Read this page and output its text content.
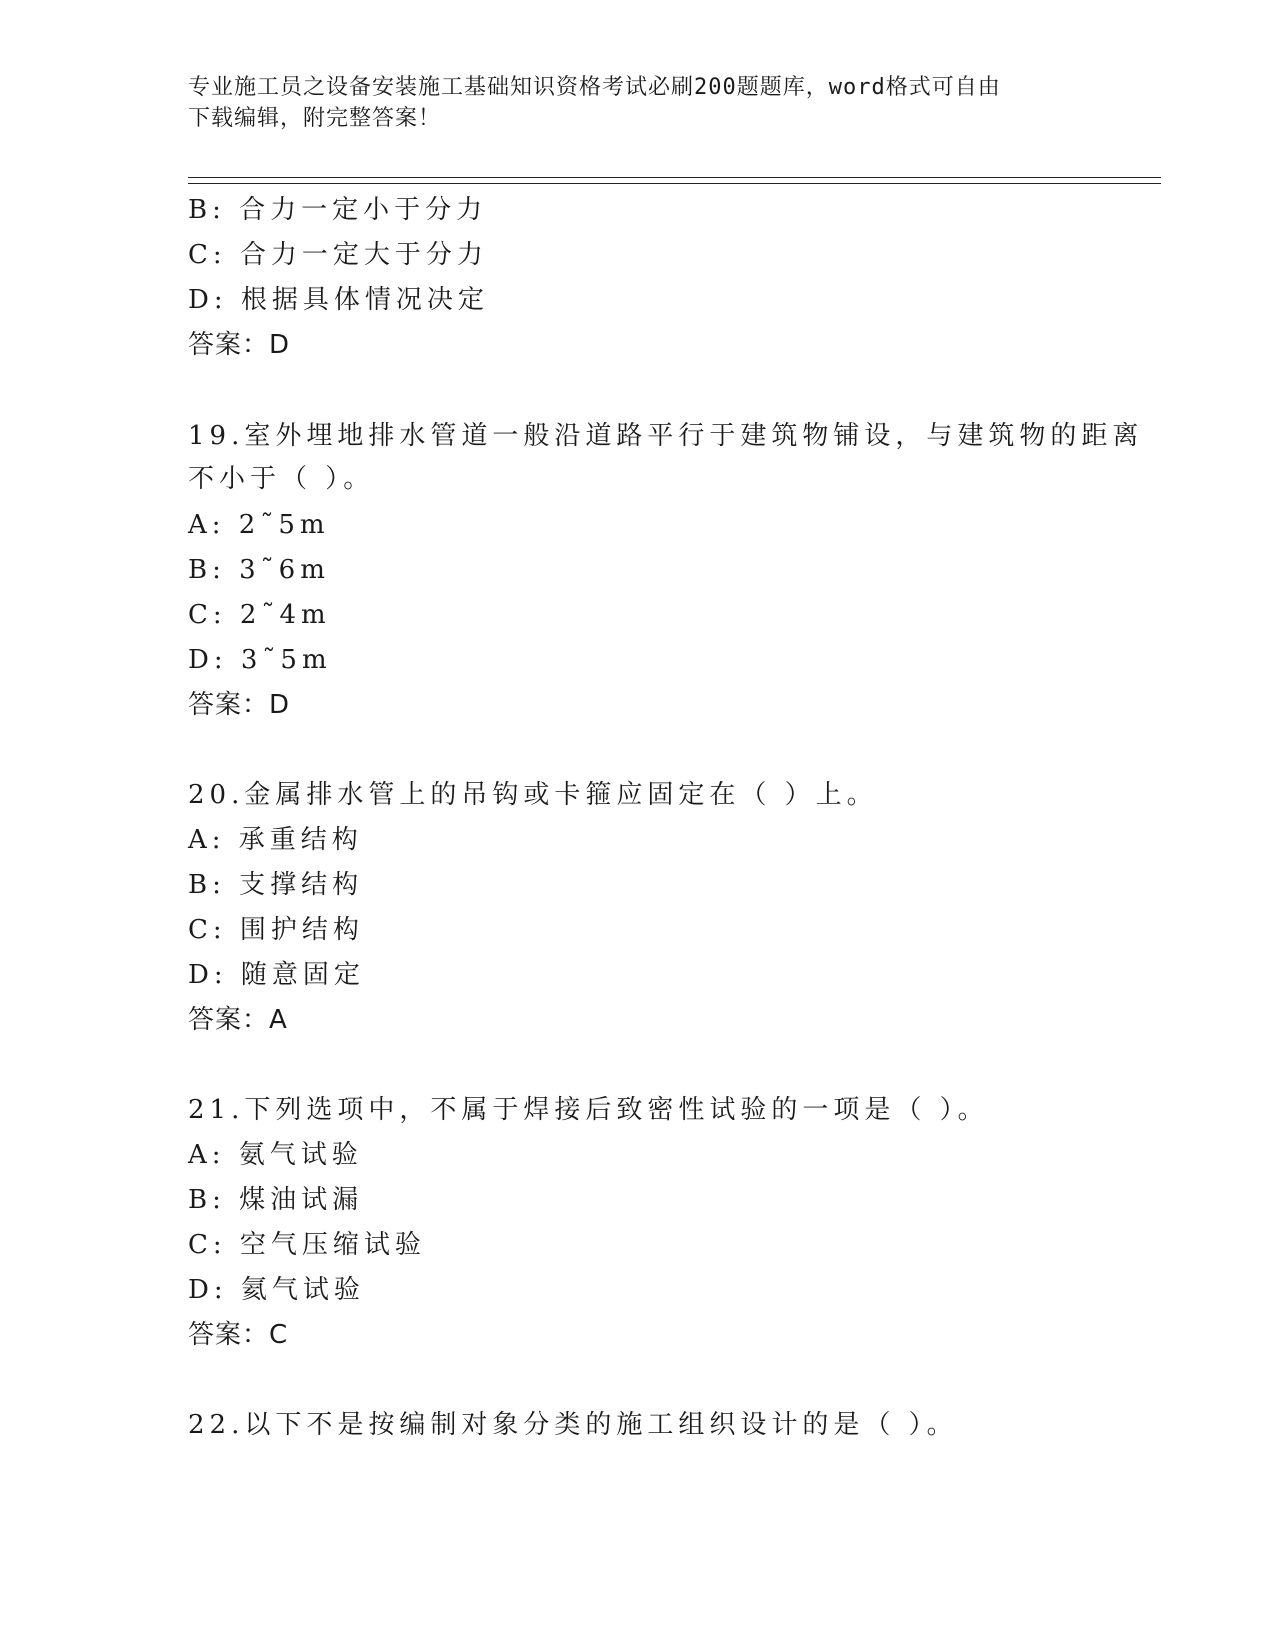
专业施工员之设备安装施工基础知识资格考试必刷200题题库，word格式可自由
下载编辑，附完整答案！
B: 合力一定小于分力
C: 合力一定大于分力
D: 根据具体情况决定
答案：D
19.室外埋地排水管道一般沿道路平行于建筑物铺设，与建筑物的距离
不小于（ ）。
A: 2˜5m
B: 3˜6m
C: 2˜4m
D: 3˜5m
答案：D
20.金属排水管上的吊钩或卡箍应固定在（ ）上。
A: 承重结构
B: 支撑结构
C: 围护结构
D: 随意固定
答案：A
21.下列选项中，不属于焊接后致密性试验的一项是（ ）。
A: 氨气试验
B: 煤油试漏
C: 空气压缩试验
D: 氦气试验
答案：C
22.以下不是按编制对象分类的施工组织设计的是（ ）。
